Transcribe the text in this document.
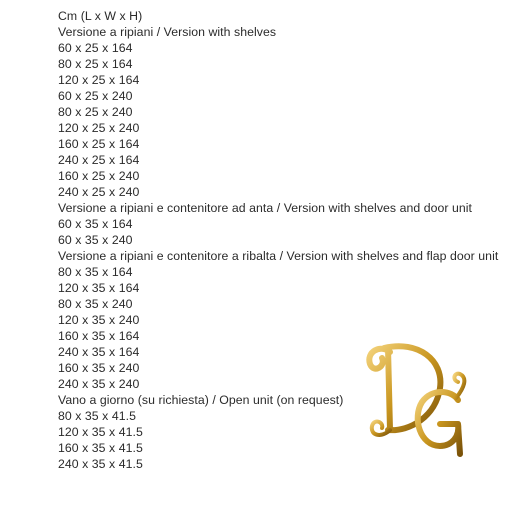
Cm (L x W x H)
Versione a ripiani / Version with shelves
60 x 25 x 164
80 x 25 x 164
120 x 25 x 164
60 x 25 x 240
80 x 25 x 240
120 x 25 x 240
160 x 25 x 164
240 x 25 x 164
160 x 25 x 240
240 x 25 x 240
Versione a ripiani e contenitore ad anta / Version with shelves and door unit
60 x 35 x 164
60 x 35 x 240
Versione a ripiani e contenitore a ribalta / Version with shelves and flap door unit
80 x 35 x 164
120 x 35 x 164
80 x 35 x 240
120 x 35 x 240
160 x 35 x 164
240 x 35 x 164
160 x 35 x 240
240 x 35 x 240
Vano a giorno (su richiesta) / Open unit (on request)
80 x 35 x 41.5
120 x 35 x 41.5
160 x 35 x 41.5
240 x 35 x 41.5
